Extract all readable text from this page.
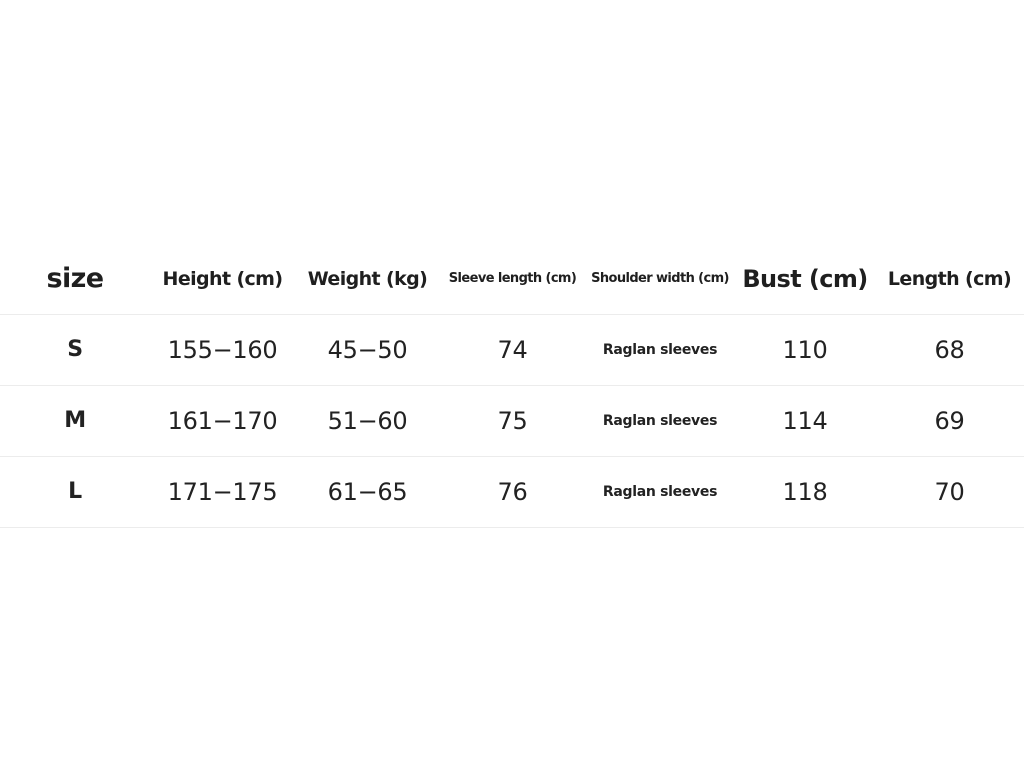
size	Height (cm)	Weight (kg)	Sleeve length (cm)	Shoulder width (cm)	Bust (cm)	Length (cm)
S	155−160	45−50	74	Raglan sleeves	110	68
M	161−170	51−60	75	Raglan sleeves	114	69
L	171−175	61−65	76	Raglan sleeves	118	70
